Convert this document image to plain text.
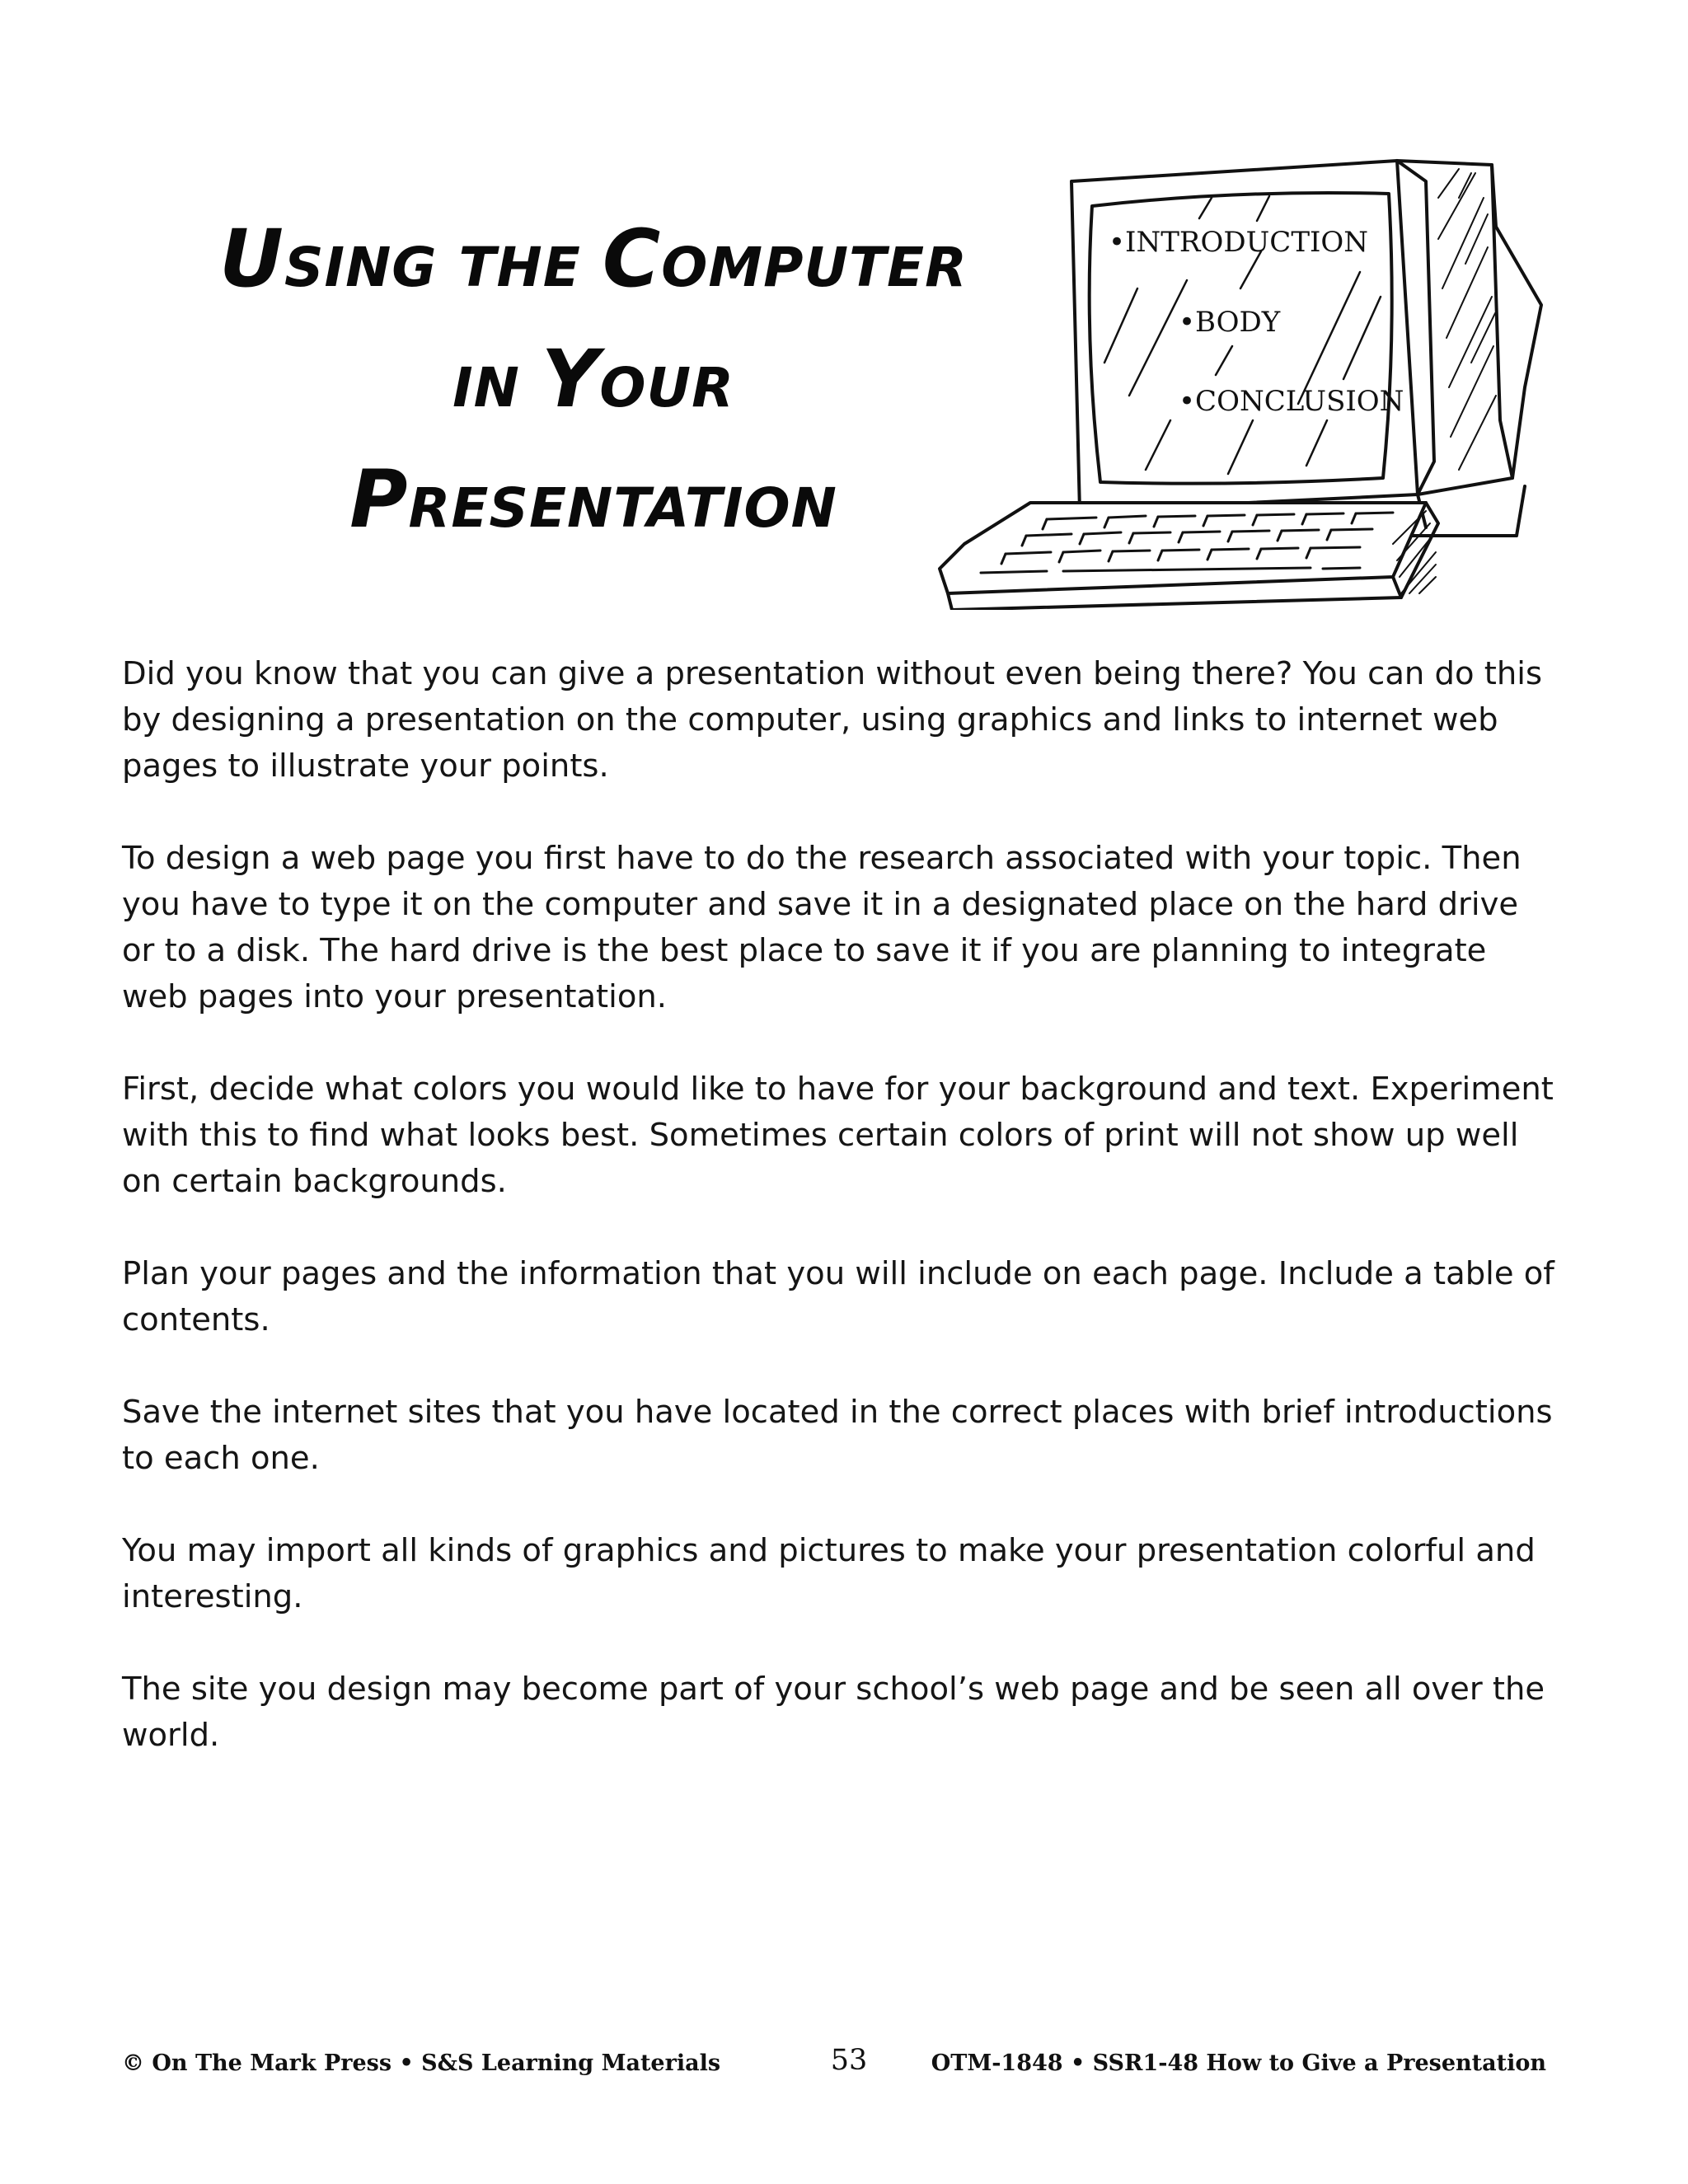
USING THE COMPUTER
IN YOUR
PRESENTATION
•INTRODUCTION
•BODY
•CONCLUSION

Did you know that you can give a presentation without even being there? You can do this by designing a presentation on the computer, using graphics and links to internet web pages to illustrate your points.

To design a web page you first have to do the research associated with your topic. Then you have to type it on the computer and save it in a designated place on the hard drive or to a disk. The hard drive is the best place to save it if you are planning to integrate web pages into your presentation.

First, decide what colors you would like to have for your background and text. Experiment with this to find what looks best. Sometimes certain colors of print will not show up well on certain backgrounds.

Plan your pages and the information that you will include on each page. Include a table of contents.

Save the internet sites that you have located in the correct places with brief introductions to each one.

You may import all kinds of graphics and pictures to make your presentation colorful and interesting.

The site you design may become part of your school’s web page and be seen all over the world.

© On The Mark Press • S&S Learning Materials	53	OTM-1848 • SSR1-48 How to Give a Presentation
